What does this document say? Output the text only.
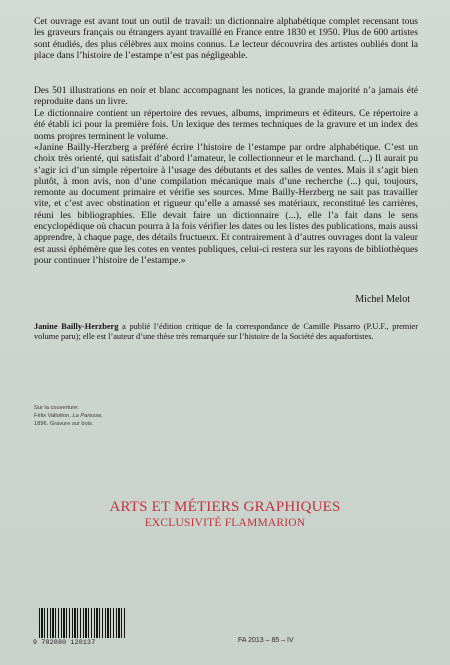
Cet ouvrage est avant tout un outil de travail: un dictionnaire alphabétique complet recensant tous les graveurs français ou étrangers ayant travaillé en France entre 1830 et 1950. Plus de 600 artistes sont étudiés, des plus célèbres aux moins connus. Le lecteur découvrira des artistes oubliés dont la place dans l’histoire de l’estampe n’est pas négligeable.
Des 501 illustrations en noir et blanc accompagnant les notices, la grande majorité n’a jamais été reproduite dans un livre.
Le dictionnaire contient un répertoire des revues, albums, imprimeurs et éditeurs. Ce répertoire a été établi ici pour la première fois. Un lexique des termes techniques de la gravure et un index des noms propres terminent le volume.
«Janine Bailly-Herzberg a préféré écrire l’histoire de l’estampe par ordre alphabétique. C’est un choix très orienté, qui satisfait d’abord l’amateur, le collectionneur et le marchand. (...) Il aurait pu s’agir ici d’un simple répertoire à l’usage des débutants et des salles de ventes. Mais il s’agit bien plutôt, à mon avis, non d’une compilation mécanique mais d’une recherche (...) qui, toujours, remonte au document primaire et vérifie ses sources. Mme Bailly-Herzberg ne sait pas travailler vite, et c’est avec obstination et rigueur qu’elle a amassé ses matériaux, reconstitué les carrières, réuni les bibliographies. Elle devait faire un dictionnaire (...), elle l’a fait dans le sens encyclopédique où chacun pourra à la fois vérifier les dates ou les listes des publications, mais aussi apprendre, à chaque page, des détails fructueux. Et contrairement à d’autres ouvrages dont la valeur est aussi éphémère que les cotes en ventes publiques, celui-ci restera sur les rayons de bibliothèques pour continuer l’histoire de l’estampe.»
Michel Melot
Janine Bailly-Herzberg a publié l’édition critique de la correspondance de Camille Pissarro (P.U.F., premier volume paru); elle est l’auteur d’une thèse très remarquée sur l’histoire de la Société des aquafortistes.
Sur la couverture:
Félix Vallotton, La Paresse,
1896. Gravure sur bois.
ARTS ET MÉTIERS GRAPHIQUES
EXCLUSIVITÉ FLAMMARION
9 782080 120137	FA 2013 – 85 – IV
